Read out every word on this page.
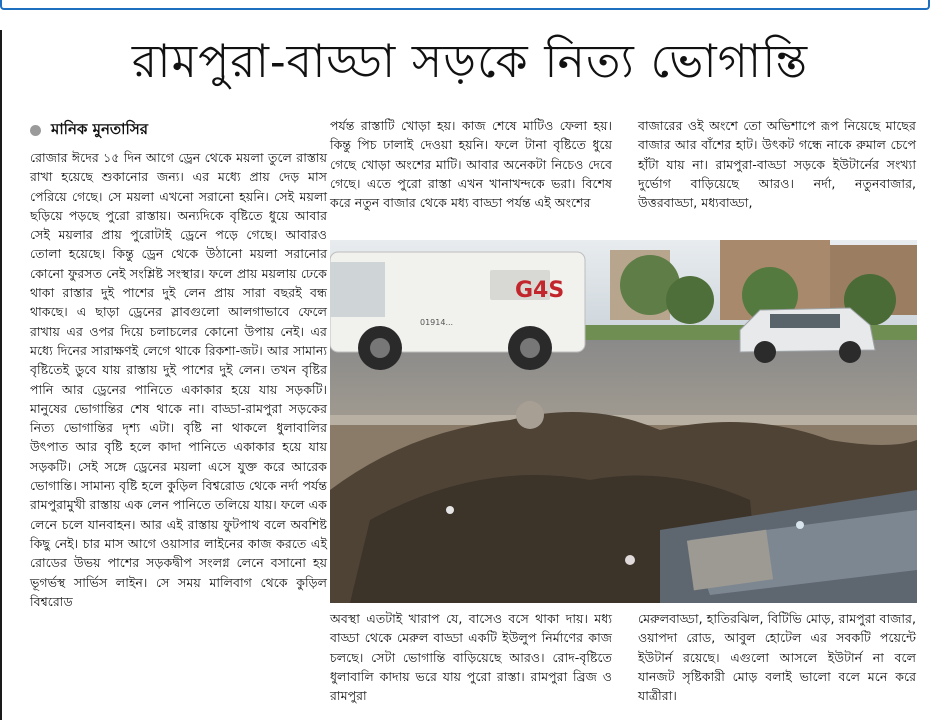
রামপুরা-বাড্ডা সড়কে নিত্য ভোগান্তি
মানিক মুনতাসির

রোজার ঈদের ১৫ দিন আগে ড্রেন থেকে ময়লা তুলে রাস্তায় রাখা হয়েছে শুকানোর জন্য। এর মধ্যে প্রায় দেড় মাস পেরিয়ে গেছে। সে ময়লা এখনো সরানো হয়নি। সেই ময়লা ছড়িয়ে পড়ছে পুরো রাস্তায়। অন্যদিকে বৃষ্টিতে ধুয়ে আবার সেই ময়লার প্রায় পুরোটাই ড্রেনে পড়ে গেছে। আবারও তোলা হয়েছে। কিন্তু ড্রেন থেকে উঠানো ময়লা সরানোর কোনো ফুরসত নেই সংশ্লিষ্ট সংস্থার। ফলে প্রায় ময়লায় ঢেকে থাকা রাস্তার দুই পাশের দুই লেন প্রায় সারা বছরই বন্ধ থাকছে। এ ছাড়া ড্রেনের স্লাবগুলো আলগাভাবে ফেলে রাখায় এর ওপর দিয়ে চলাচলের কোনো উপায় নেই। এর মধ্যে দিনের সারাক্ষণই লেগে থাকে রিকশা-জট। আর সামান্য বৃষ্টিতেই ডুবে যায় রাস্তায় দুই পাশের দুই লেন। তখন বৃষ্টির পানি আর ড্রেনের পানিতে একাকার হয়ে যায় সড়কটি। মানুষের ভোগান্তির শেষ থাকে না। বাড্ডা-রামপুরা সড়কের নিত্য ভোগান্তির দৃশ্য এটা। বৃষ্টি না থাকলে ধুলাবালির উৎপাত আর বৃষ্টি হলে কাদা পানিতে একাকার হয়ে যায় সড়কটি। সেই সঙ্গে ড্রেনের ময়লা এসে যুক্ত করে আরেক ভোগান্তি। সামান্য বৃষ্টি হলে কুড়িল বিশ্বরোড থেকে নর্দা পর্যন্ত রামপুরামুখী রাস্তায় এক লেন পানিতে তলিয়ে যায়। ফলে এক লেনে চলে যানবাহন। আর এই রাস্তায় ফুটপাথ বলে অবশিষ্ট কিছু নেই। চার মাস আগে ওয়াসার লাইনের কাজ করতে এই রোডের উভয় পাশের সড়কদ্বীপ সংলগ্ন লেনে বসানো হয় ভূগর্ভস্থ সার্ভিস লাইন। সে সময় মালিবাগ থেকে কুড়িল বিশ্বরোড

পর্যন্ত রাস্তাটি খোড়া হয়। কাজ শেষে মাটিও ফেলা হয়। কিন্তু পিচ ঢালাই দেওয়া হয়নি। ফলে টানা বৃষ্টিতে ধুয়ে গেছে খোড়া অংশের মাটি। আবার অনেকটা নিচেও দেবে গেছে। এতে পুরো রাস্তা এখন খানাখন্দকে ভরা। বিশেষ করে নতুন বাজার থেকে মধ্য বাড্ডা পর্যন্ত এই অংশের

বাজারের ওই অংশে তো অভিশাপে রূপ নিয়েছে মাছের বাজার আর বাঁশের হাট। উৎকট গন্ধে নাকে রুমাল চেপে হাঁটা যায় না। রামপুরা-বাড্ডা সড়কে ইউটার্নের সংখ্যা দুর্ভোগ বাড়িয়েছে আরও। নর্দা, নতুনবাজার, উত্তরবাড্ডা, মধ্যবাড্ডা,

G4S
01914...

অবস্থা এতটাই খারাপ যে, বাসেও বসে থাকা দায়। মধ্য বাড্ডা থেকে মেরুল বাড্ডা একটি ইউলুপ নির্মাণের কাজ চলছে। সেটা ভোগান্তি বাড়িয়েছে আরও। রোদ-বৃষ্টিতে ধুলাবালি কাদায় ভরে যায় পুরো রাস্তা। রামপুরা ব্রিজ ও রামপুরা

মেরুলবাড্ডা, হাতিরঝিল, বিটিভি মোড়, রামপুরা বাজার, ওয়াপদা রোড, আবুল হোটেল এর সবকটি পয়েন্টে ইউটার্ন রয়েছে। এগুলো আসলে ইউটার্ন না বলে যানজট সৃষ্টিকারী মোড় বলাই ভালো বলে মনে করে যাত্রীরা।
